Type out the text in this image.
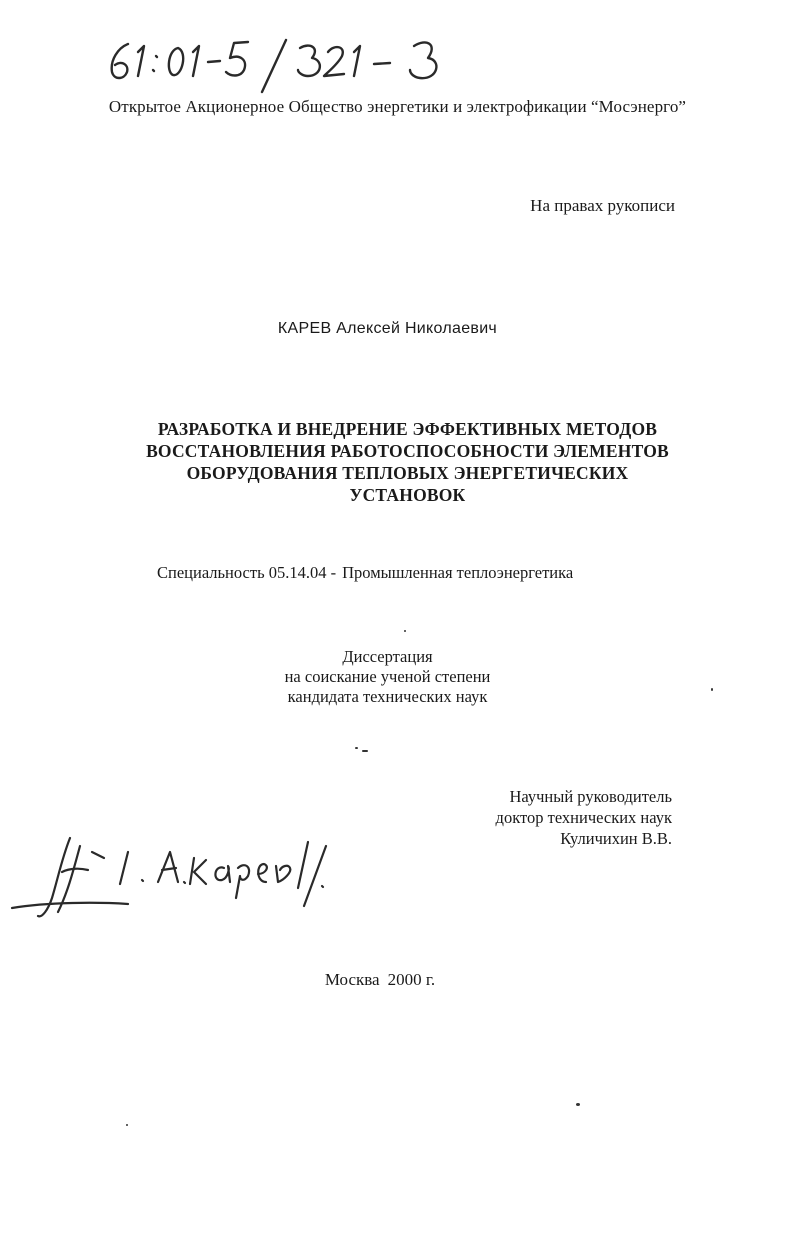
Открытое Акционерное Общество энергетики и электрофикации “Мосэнерго”
На правах рукописи
КАРЕВ Алексей Николаевич
РАЗРАБОТКА И ВНЕДРЕНИЕ ЭФФЕКТИВНЫХ МЕТОДОВ
ВОССТАНОВЛЕНИЯ РАБОТОСПОСОБНОСТИ ЭЛЕМЕНТОВ
ОБОРУДОВАНИЯ ТЕПЛОВЫХ ЭНЕРГЕТИЧЕСКИХ
УСТАНОВОК
Специальность 05.14.04 - Промышленная теплоэнергетика
Диссертация
на соискание ученой степени
кандидата технических наук
Научный руководитель
доктор технических наук
Куличихин В.В.
Москва 2000 г.
